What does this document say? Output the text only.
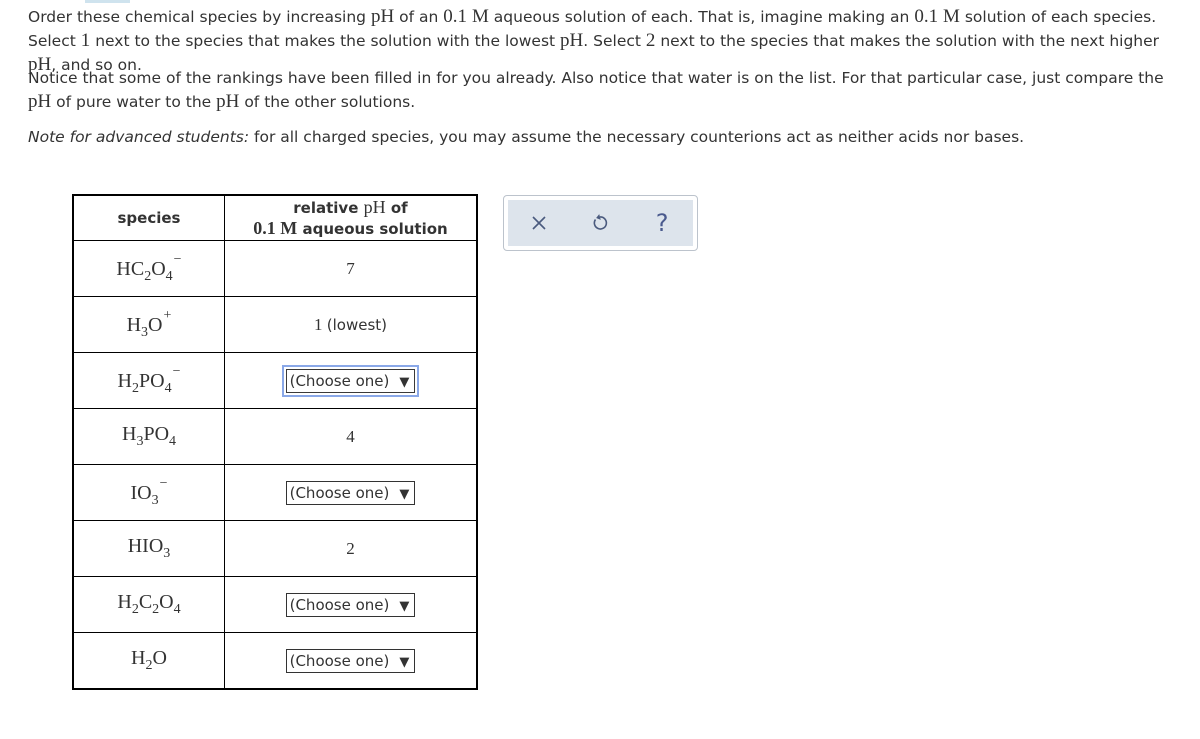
Order these chemical species by increasing pH of an 0.1 M aqueous solution of each. That is, imagine making an 0.1 M solution of each species. Select 1 next to the species that makes the solution with the lowest pH. Select 2 next to the species that makes the solution with the next higher pH, and so on.

Notice that some of the rankings have been filled in for you already. Also notice that water is on the list. For that particular case, just compare the pH of pure water to the pH of the other solutions.

Note for advanced students: for all charged species, you may assume the necessary counterions act as neither acids nor bases.

species	relative pH of
0.1 M aqueous solution
$HC_2O_4^-$	7
$H_3O^+$	1 (lowest)
$H_2PO_4^-$	(Choose one) ▼
$H_3PO_4$	4
$IO_3^-$	(Choose one) ▼
$HIO_3$	2
$H_2C_2O_4$	(Choose one) ▼
$H_2O$	(Choose one) ▼
?
